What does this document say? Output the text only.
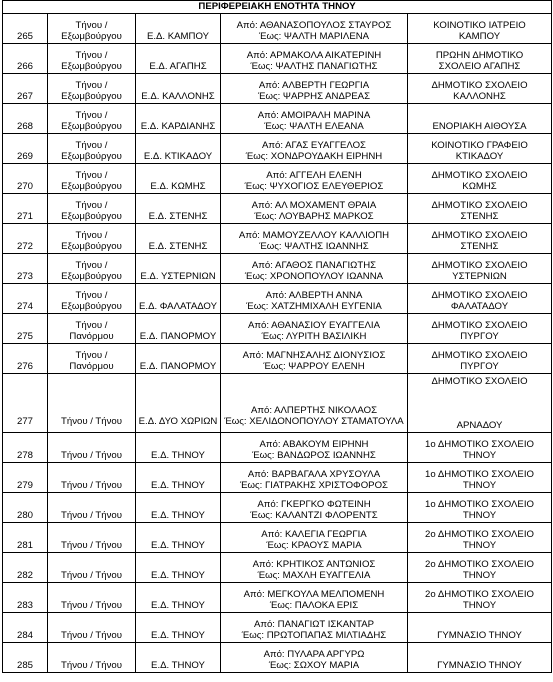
ΠΕΡΙΦΕΡΕΙΑΚΗ ΕΝΟΤΗΤΑ ΤΗΝΟΥ				

265	Τήνου /
Εξωμβούργου	Ε.Δ. ΚΑΜΠΟΥ	Από: ΑΘΑΝΑΣΟΠΟΥΛΟΣ ΣΤΑΥΡΟΣ
Έως: ΨΑΛΤΗ ΜΑΡΙΛΕΝΑ	ΚΟΙΝΟΤΙΚΟ ΙΑΤΡΕΙΟ
ΚΑΜΠΟΥ

266	Τήνου /
Εξωμβούργου	Ε.Δ. ΑΓΑΠΗΣ	Από: ΑΡΜΑΚΟΛΑ ΑΙΚΑΤΕΡΙΝΗ
Έως: ΨΑΛΤΗΣ ΠΑΝΑΓΙΩΤΗΣ	ΠΡΩΗΝ ΔΗΜΟΤΙΚΟ
ΣΧΟΛΕΙΟ ΑΓΑΠΗΣ

267	Τήνου /
Εξωμβούργου	Ε.Δ. ΚΑΛΛΟΝΗΣ	Από: ΑΛΒΕΡΤΗ ΓΕΩΡΓΙΑ
Έως: ΨΑΡΡΗΣ ΑΝΔΡΕΑΣ	ΔΗΜΟΤΙΚΟ ΣΧΟΛΕΙΟ
ΚΑΛΛΟΝΗΣ

268	Τήνου /
Εξωμβούργου	Ε.Δ. ΚΑΡΔΙΑΝΗΣ	Από: ΑΜΟΙΡΑΛΗ ΜΑΡΙΝΑ
Έως: ΨΑΛΤΗ ΕΛΕΑΝΑ	ΕΝΟΡΙΑΚΗ ΑΙΘΟΥΣΑ

269	Τήνου /
Εξωμβούργου	Ε.Δ. ΚΤΙΚΑΔΟΥ	Από: ΑΓΑΣ ΕΥΑΓΓΕΛΟΣ
Έως: ΧΟΝΔΡΟΥΔΑΚΗ ΕΙΡΗΝΗ	ΚΟΙΝΟΤΙΚΟ ΓΡΑΦΕΙΟ
ΚΤΙΚΑΔΟΥ

270	Τήνου /
Εξωμβούργου	Ε.Δ. ΚΩΜΗΣ	Από: ΑΓΓΕΛΗ ΕΛΕΝΗ
Έως: ΨΥΧΟΓΙΟΣ ΕΛΕΥΘΕΡΙΟΣ	ΔΗΜΟΤΙΚΟ ΣΧΟΛΕΙΟ
ΚΩΜΗΣ

271	Τήνου /
Εξωμβούργου	Ε.Δ. ΣΤΕΝΗΣ	Από: ΑΛ ΜΟΧΑΜΕΝΤ ΘΡΑΙΑ
Έως: ΛΟΥΒΑΡΗΣ ΜΑΡΚΟΣ	ΔΗΜΟΤΙΚΟ ΣΧΟΛΕΙΟ
ΣΤΕΝΗΣ

272	Τήνου /
Εξωμβούργου	Ε.Δ. ΣΤΕΝΗΣ	Από: ΜΑΜΟΥΖΕΛΛΟΥ ΚΑΛΛΙΟΠΗ
Έως: ΨΑΛΤΗΣ ΙΩΑΝΝΗΣ	ΔΗΜΟΤΙΚΟ ΣΧΟΛΕΙΟ
ΣΤΕΝΗΣ

273	Τήνου /
Εξωμβούργου	Ε.Δ. ΥΣΤΕΡΝΙΩΝ	Από: ΑΓΑΘΟΣ ΠΑΝΑΓΙΩΤΗΣ
Έως: ΧΡΟΝΟΠΟΥΛΟΥ ΙΩΑΝΝΑ	ΔΗΜΟΤΙΚΟ ΣΧΟΛΕΙΟ
ΥΣΤΕΡΝΙΩΝ

274	Τήνου /
Εξωμβούργου	Ε.Δ. ΦΑΛΑΤΑΔΟΥ	Από: ΑΛΒΕΡΤΗ ΑΝΝΑ
Έως: ΧΑΤΖΗΜΙΧΑΛΗ ΕΥΓΕΝΙΑ	ΔΗΜΟΤΙΚΟ ΣΧΟΛΕΙΟ
ΦΑΛΑΤΑΔΟΥ

275	Τήνου /
Πανόρμου	Ε.Δ. ΠΑΝΟΡΜΟΥ	Από: ΑΘΑΝΑΣΙΟΥ ΕΥΑΓΓΕΛΙΑ
Έως: ΛΥΡΙΤΗ ΒΑΣΙΛΙΚΗ	ΔΗΜΟΤΙΚΟ ΣΧΟΛΕΙΟ
ΠΥΡΓΟΥ

276	Τήνου /
Πανόρμου	Ε.Δ. ΠΑΝΟΡΜΟΥ	Από: ΜΑΓΝΗΣΑΛΗΣ ΔΙΟΝΥΣΙΟΣ
Έως: ΨΑΡΡΟΥ ΕΛΕΝΗ	ΔΗΜΟΤΙΚΟ ΣΧΟΛΕΙΟ
ΠΥΡΓΟΥ

277	Τήνου / Τήνου	Ε.Δ. ΔΥΟ ΧΩΡΙΩΝ	Από: ΑΛΠΕΡΤΗΣ ΝΙΚΟΛΑΟΣ
Έως: ΧΕΛΙΔΟΝΟΠΟΥΛΟΥ ΣΤΑΜΑΤΟΥΛΑ	ΔΗΜΟΤΙΚΟ ΣΧΟΛΕΙΟ
ΑΡΝΑΔΟΥ

278	Τήνου / Τήνου	Ε.Δ. ΤΗΝΟΥ	Από: ΑΒΑΚΟΥΜ ΕΙΡΗΝΗ
Έως: ΒΑΝΔΩΡΟΣ ΙΩΑΝΝΗΣ	1ο ΔΗΜΟΤΙΚΟ ΣΧΟΛΕΙΟ
ΤΗΝΟΥ

279	Τήνου / Τήνου	Ε.Δ. ΤΗΝΟΥ	Από: ΒΑΡΒΑΓΑΛΑ ΧΡΥΣΟΥΛΑ
Έως: ΓΙΑΤΡΑΚΗΣ ΧΡΙΣΤΟΦΟΡΟΣ	1ο ΔΗΜΟΤΙΚΟ ΣΧΟΛΕΙΟ
ΤΗΝΟΥ

280	Τήνου / Τήνου	Ε.Δ. ΤΗΝΟΥ	Από: ΓΚΕΡΓΚΟ ΦΩΤΕΙΝΗ
Έως: ΚΑΛΑΝΤΖΙ ΦΛΟΡΕΝΤΣ	1ο ΔΗΜΟΤΙΚΟ ΣΧΟΛΕΙΟ
ΤΗΝΟΥ

281	Τήνου / Τήνου	Ε.Δ. ΤΗΝΟΥ	Από: ΚΑΛΕΓΙΑ ΓΕΩΡΓΙΑ
Έως: ΚΡΑΟΥΣ ΜΑΡΙΑ	2ο ΔΗΜΟΤΙΚΟ ΣΧΟΛΕΙΟ
ΤΗΝΟΥ

282	Τήνου / Τήνου	Ε.Δ. ΤΗΝΟΥ	Από: ΚΡΗΤΙΚΟΣ ΑΝΤΩΝΙΟΣ
Έως: ΜΑΧΛΗ ΕΥΑΓΓΕΛΙΑ	2ο ΔΗΜΟΤΙΚΟ ΣΧΟΛΕΙΟ
ΤΗΝΟΥ

283	Τήνου / Τήνου	Ε.Δ. ΤΗΝΟΥ	Από: ΜΕΓΚΟΥΛΑ ΜΕΛΠΟΜΕΝΗ
Έως: ΠΑΛΟΚΑ ΕΡΙΣ	2ο ΔΗΜΟΤΙΚΟ ΣΧΟΛΕΙΟ
ΤΗΝΟΥ

284	Τήνου / Τήνου	Ε.Δ. ΤΗΝΟΥ	Από: ΠΑΝΑΓΙΩΤ ΙΣΚΑΝΤΑΡ
Έως: ΠΡΩΤΟΠΑΠΑΣ ΜΙΛΤΙΑΔΗΣ	ΓΥΜΝΑΣΙΟ ΤΗΝΟΥ

285	Τήνου / Τήνου	Ε.Δ. ΤΗΝΟΥ	Από: ΠΥΛΑΡΑ ΑΡΓΥΡΩ
Έως: ΣΩΧΟΥ ΜΑΡΙΑ	ΓΥΜΝΑΣΙΟ ΤΗΝΟΥ
